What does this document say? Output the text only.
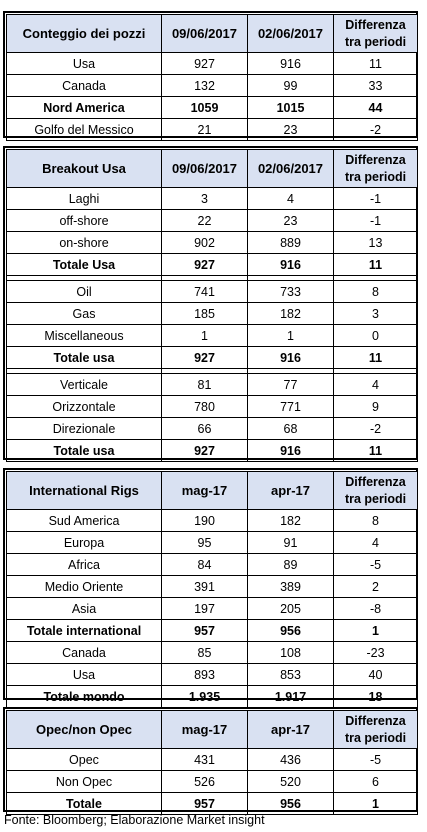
Conteggio dei pozzi	09/06/2017	02/06/2017	Differenza
tra periodi
Usa	927	916	11
Canada	132	99	33
Nord America	1059	1015	44
Golfo del Messico	21	23	-2
Breakout Usa	09/06/2017	02/06/2017	Differenza
tra periodi
Laghi	3	4	-1
off-shore	22	23	-1
on-shore	902	889	13
Totale Usa	927	916	11

Oil	741	733	8
Gas	185	182	3
Miscellaneous	1	1	0
Totale usa	927	916	11

Verticale	81	77	4
Orizzontale	780	771	9
Direzionale	66	68	-2
Totale usa	927	916	11
International Rigs	mag-17	apr-17	Differenza
tra periodi
Sud America	190	182	8
Europa	95	91	4
Africa	84	89	-5
Medio Oriente	391	389	2
Asia	197	205	-8
Totale international	957	956	1
Canada	85	108	-23
Usa	893	853	40
Totale mondo	1.935	1.917	18
Opec/non Opec	mag-17	apr-17	Differenza
tra periodi
Opec	431	436	-5
Non Opec	526	520	6
Totale	957	956	1
Fonte: Bloomberg; Elaborazione Market insight
